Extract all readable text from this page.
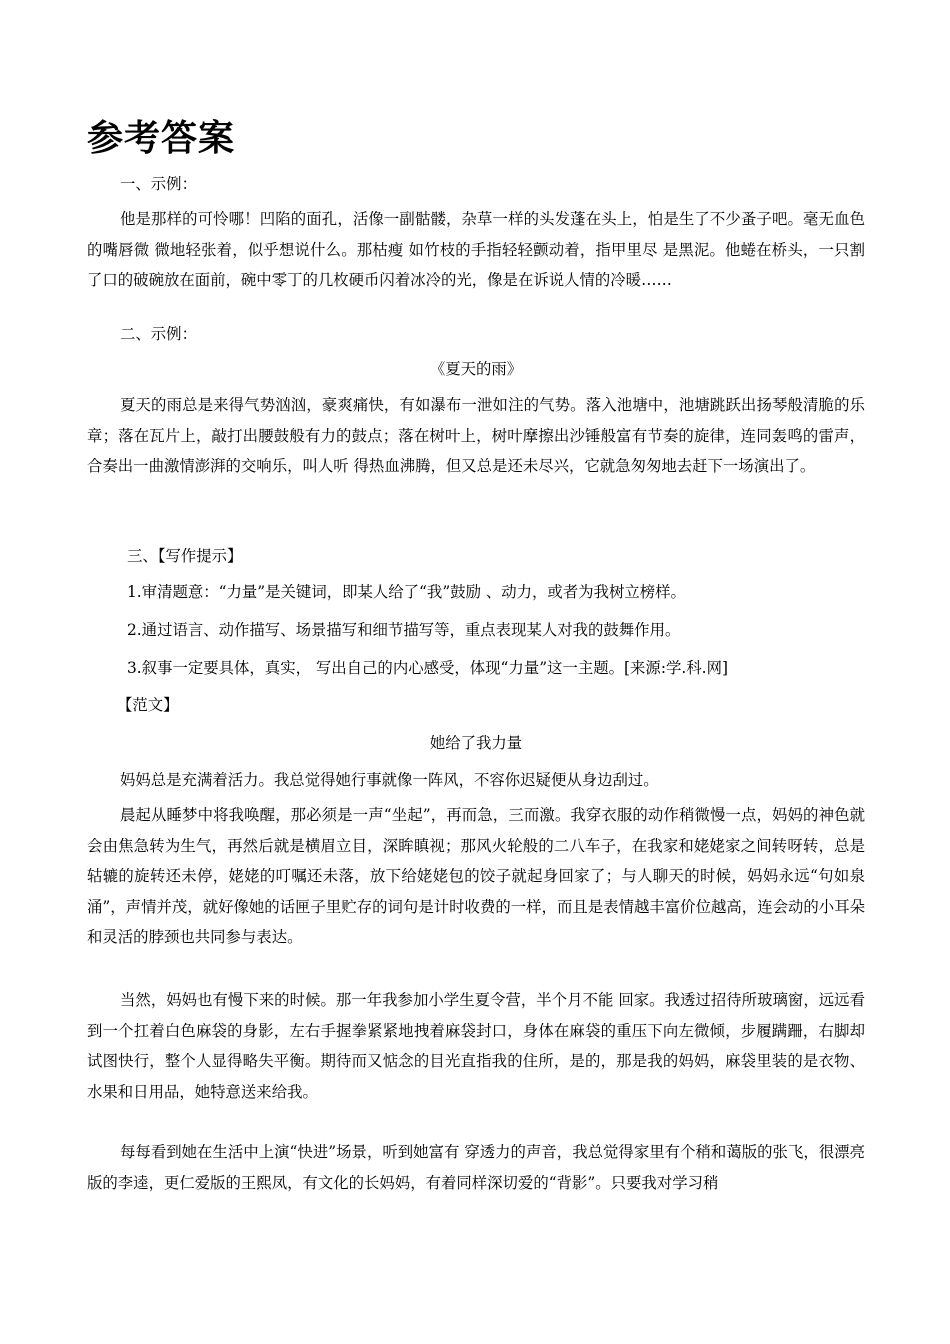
参考答案
一、示例：
他是那样的可怜哪！凹陷的面孔，活像一副骷髅，杂草一样的头发蓬在头上，怕是生了不少蚤子吧。毫无血色的嘴唇微 微地轻张着，似乎想说什么。那枯瘦 如竹枝的手指轻轻颤动着，指甲里尽 是黑泥。他蜷在桥头，一只割了口的破碗放在面前，碗中零丁的几枚硬币闪着冰冷的光，像是在诉说人情的冷暖……
二、示例：
《夏天的雨》
夏天的雨总是来得气势汹汹，豪爽痛快，有如瀑布一泄如注的气势。落入池塘中，池塘跳跃出扬琴般清脆的乐章；落在瓦片上，敲打出腰鼓般有力的鼓点；落在树叶上，树叶摩擦出沙锤般富有节奏的旋律，连同轰鸣的雷声，合奏出一曲激情澎湃的交响乐，叫人听 得热血沸腾，但又总是还未尽兴，它就急匆匆地去赶下一场演出了。
三、【写作提示】
1.审清题意：“力量”是关键词，即某人给了“我”鼓励 、动力，或者为我树立榜样。
2.通过语言、动作描写、场景描写和细节描写等，重点表现某人对我的鼓舞作用。
3.叙事一定要具体，真实， 写出自己的内心感受，体现“力量”这一主题。[来源:学.科.网]
【范文】
她给了我力量
妈妈总是充满着活力。我总觉得她行事就像一阵风，不容你迟疑便从身边刮过。
晨起从睡梦中将我唤醒，那必须是一声“坐起”，再而急，三而激。我穿衣服的动作稍微慢一点，妈妈的神色就会由焦急转为生气，再然后就是横眉立目，深眸瞋视；那风火轮般的二八车子，在我家和姥姥家之间转呀转，总是轱辘的旋转还未停，姥姥的叮嘱还未落，放下给姥姥包的饺子就起身回家了；与人聊天的时候，妈妈永远“句如泉涌”，声情并茂，就好像她的话匣子里贮存的词句是计时收费的一样，而且是表情越丰富价位越高，连会动的小耳朵和灵活的脖颈也共同参与表达。
当然，妈妈也有慢下来的时候。那一年我参加小学生夏令营，半个月不能 回家。我透过招待所玻璃窗，远远看 到一个扛着白色麻袋的身影，左右手握拳紧紧地拽着麻袋封口，身体在麻袋的重压下向左微倾，步履蹒跚，右脚却试图快行，整个人显得略失平衡。期待而又惦念的目光直指我的住所，是的，那是我的妈妈，麻袋里装的是衣物、水果和日用品，她特意送来给我。
每每看到她在生活中上演“快进”场景，听到她富有 穿透力的声音，我总觉得家里有个稍和蔼版的张飞，很漂亮版的李逵，更仁爱版的王熙凤，有文化的长妈妈，有着同样深切爱的“背影”。只要我对学习稍
